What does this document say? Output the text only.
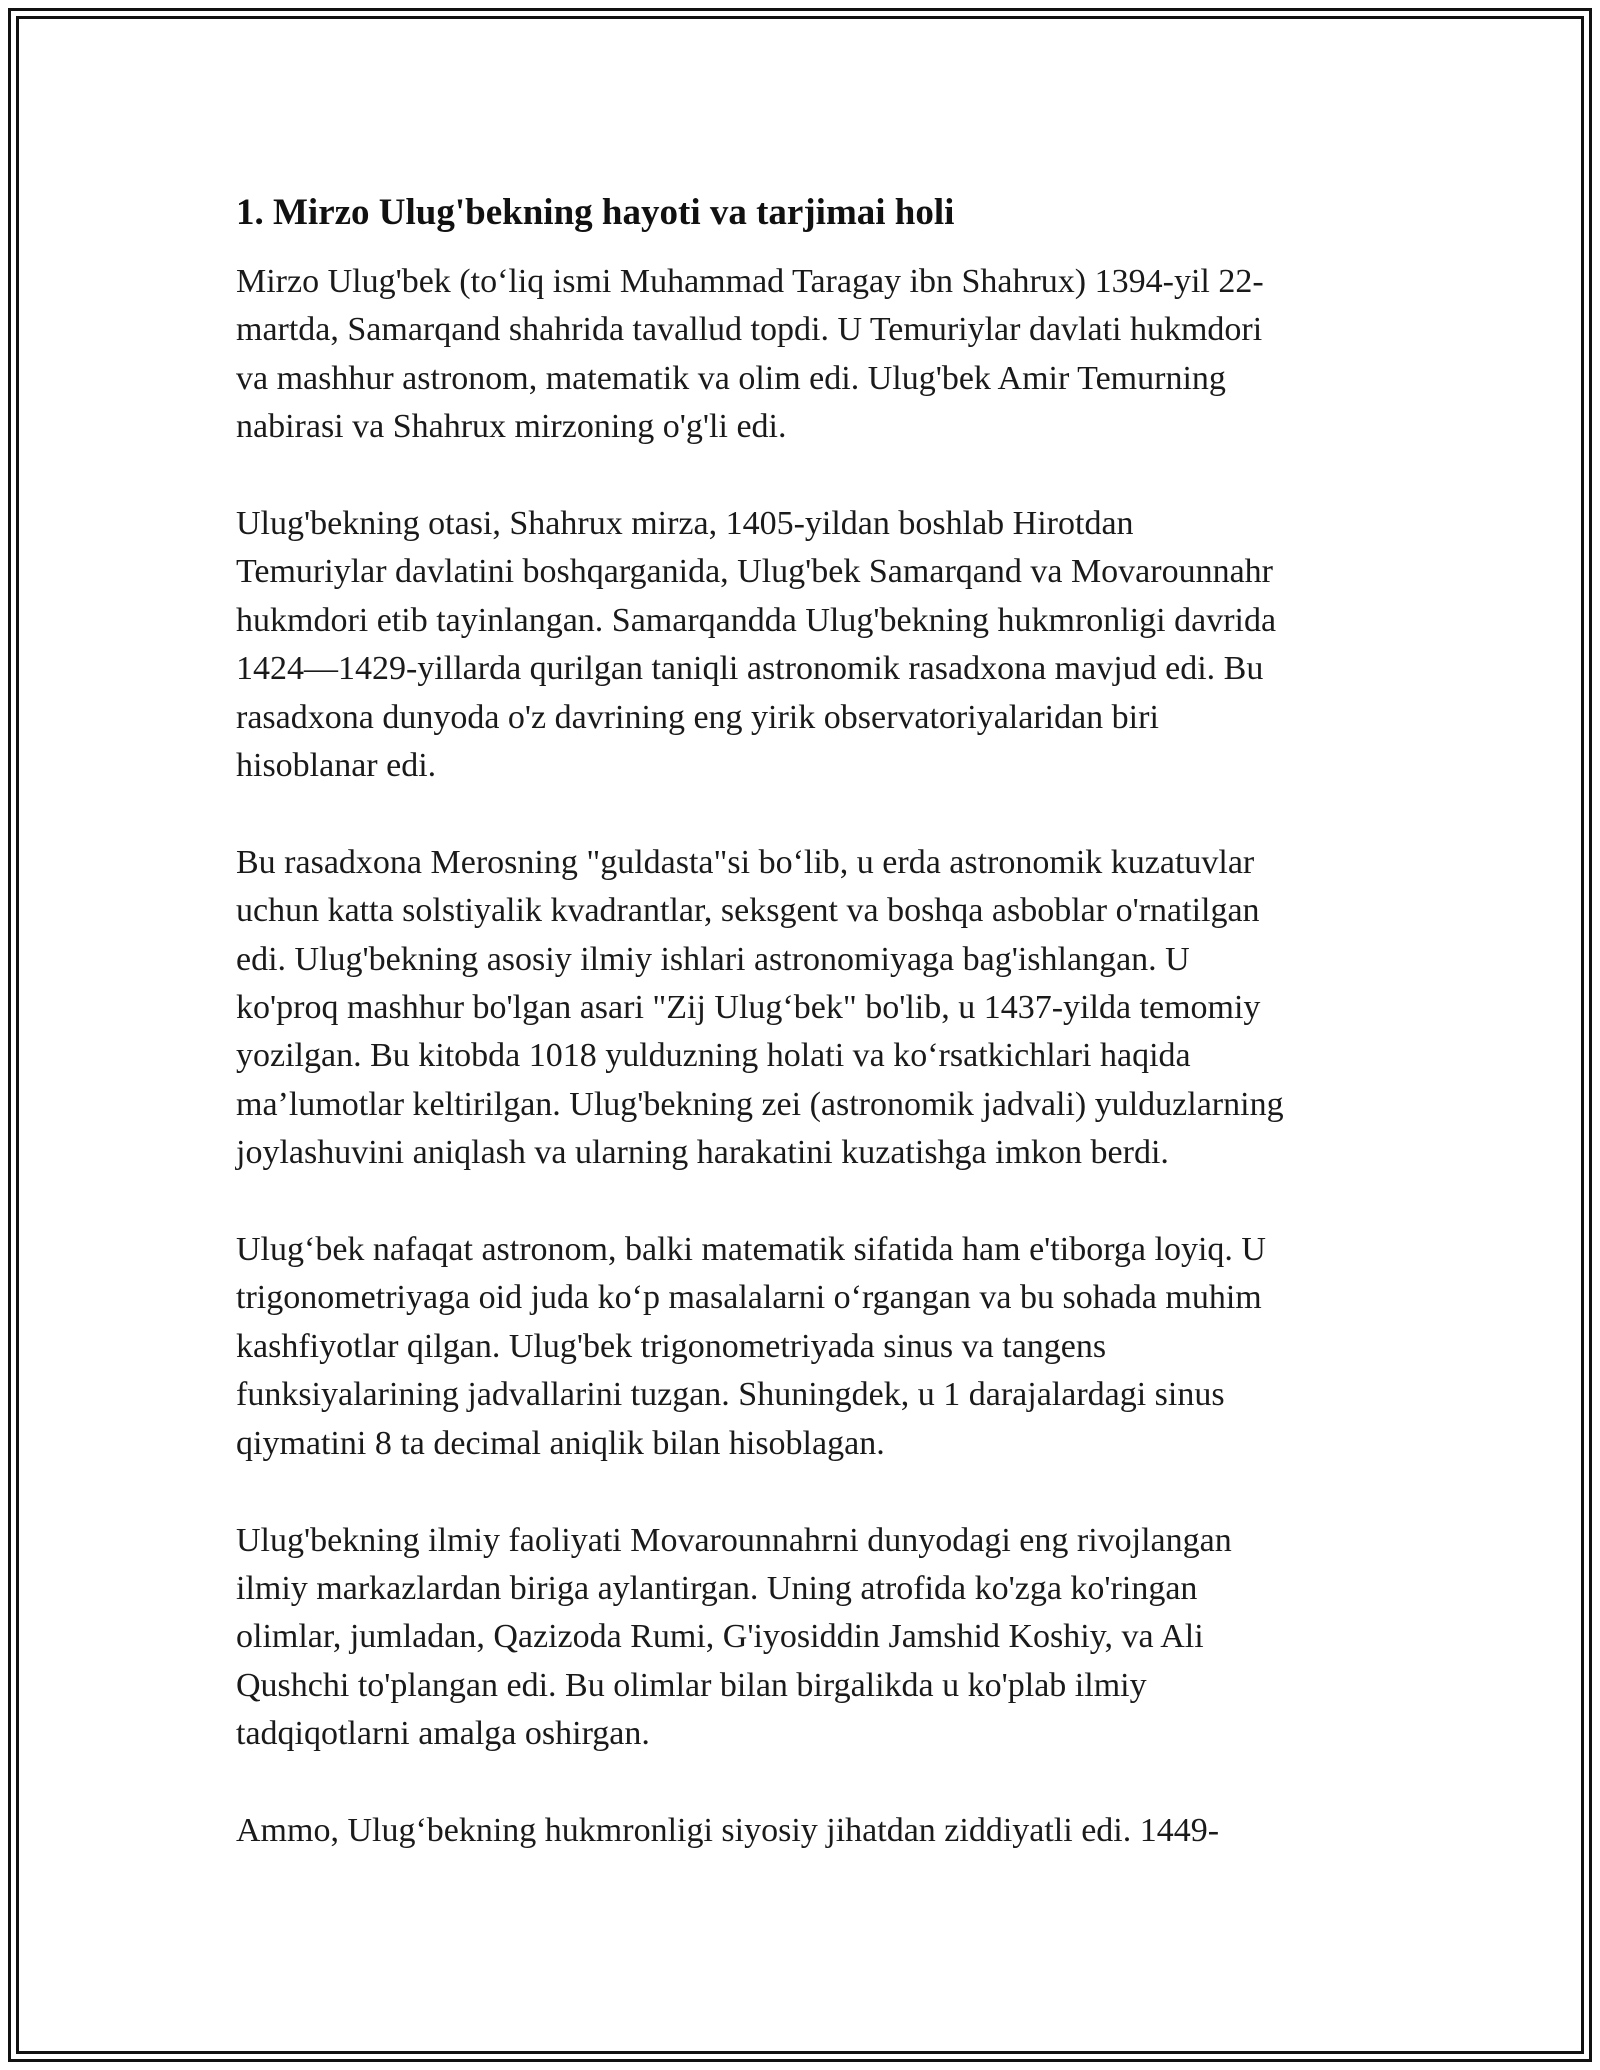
1. Mirzo Ulug'bekning hayoti va tarjimai holi

Mirzo Ulug'bek (to‘liq ismi Muhammad Taragay ibn Shahrux) 1394-yil 22-
martda, Samarqand shahrida tavallud topdi. U Temuriylar davlati hukmdori
va mashhur astronom, matematik va olim edi. Ulug'bek Amir Temurning
nabirasi va Shahrux mirzoning o'g'li edi.

Ulug'bekning otasi, Shahrux mirza, 1405-yildan boshlab Hirotdan
Temuriylar davlatini boshqarganida, Ulug'bek Samarqand va Movarounnahr
hukmdori etib tayinlangan. Samarqandda Ulug'bekning hukmronligi davrida
1424—1429-yillarda qurilgan taniqli astronomik rasadxona mavjud edi. Bu
rasadxona dunyoda o'z davrining eng yirik observatoriyalaridan biri
hisoblanar edi.

Bu rasadxona Merosning "guldasta"si bo‘lib, u erda astronomik kuzatuvlar
uchun katta solstiyalik kvadrantlar, seksgent va boshqa asboblar o'rnatilgan
edi. Ulug'bekning asosiy ilmiy ishlari astronomiyaga bag'ishlangan. U
ko'proq mashhur bo'lgan asari "Zij Ulug‘bek" bo'lib, u 1437-yilda temomiy
yozilgan. Bu kitobda 1018 yulduzning holati va ko‘rsatkichlari haqida
ma’lumotlar keltirilgan. Ulug'bekning zei (astronomik jadvali) yulduzlarning
joylashuvini aniqlash va ularning harakatini kuzatishga imkon berdi.

Ulug‘bek nafaqat astronom, balki matematik sifatida ham e'tiborga loyiq. U
trigonometriyaga oid juda ko‘p masalalarni o‘rgangan va bu sohada muhim
kashfiyotlar qilgan. Ulug'bek trigonometriyada sinus va tangens
funksiyalarining jadvallarini tuzgan. Shuningdek, u 1 darajalardagi sinus
qiymatini 8 ta decimal aniqlik bilan hisoblagan.

Ulug'bekning ilmiy faoliyati Movarounnahrni dunyodagi eng rivojlangan
ilmiy markazlardan biriga aylantirgan. Uning atrofida ko'zga ko'ringan
olimlar, jumladan, Qazizoda Rumi, G'iyosiddin Jamshid Koshiy, va Ali
Qushchi to'plangan edi. Bu olimlar bilan birgalikda u ko'plab ilmiy
tadqiqotlarni amalga oshirgan.

Ammo, Ulug‘bekning hukmronligi siyosiy jihatdan ziddiyatli edi. 1449-
